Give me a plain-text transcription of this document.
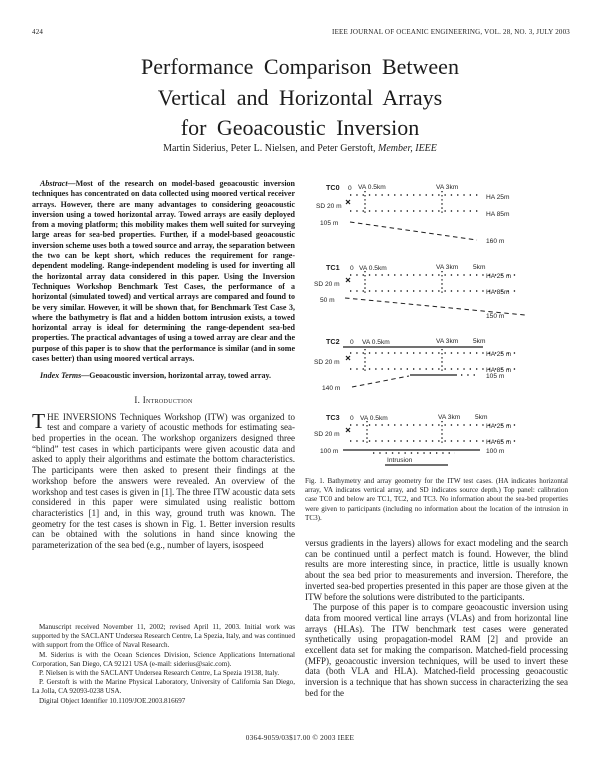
424	IEEE JOURNAL OF OCEANIC ENGINEERING, VOL. 28, NO. 3, JULY 2003
Performance Comparison Between
Vertical and Horizontal Arrays
for Geoacoustic Inversion
Martin Siderius, Peter L. Nielsen, and Peter Gerstoft, Member, IEEE

Abstract—Most of the research on model-based geoacoustic inversion techniques has concentrated on data collected using moored vertical receiver arrays. However, there are many advantages to considering geoacoustic inversion using a towed horizontal array. Towed arrays are easily deployed from a moving platform; this mobility makes them well suited for surveying large areas for sea-bed properties. Further, if a model-based geoacoustic inversion scheme uses both a towed source and array, the separation between the two can be kept short, which reduces the requirement for range-dependent modeling. Range-independent modeling is used for inverting all the horizontal array data considered in this paper. Using the Inversion Techniques Workshop Benchmark Test Cases, the performance of a horizontal (simulated towed) and vertical arrays are compared and found to be very similar. However, it will be shown that, for Benchmark Test Case 3, where the bathymetry is flat and a hidden bottom intrusion exists, a towed horizontal array is ideal for determining the range-dependent sea-bed properties. The practical advantages of using a towed array are clear and the purpose of this paper is to show that the performance is similar (and in some cases better) than using moored vertical arrays.

Index Terms—Geoacoustic inversion, horizontal array, towed array.

I. Introduction

THE INVERSIONS Techniques Workshop (ITW) was organized to test and compare a variety of acoustic methods for estimating sea-bed properties in the ocean. The workshop organizers designed three “blind” test cases in which participants were given acoustic data and asked to apply their algorithms and estimate the bottom characteristics. The participants were then asked to present their findings at the workshop before the answers were revealed. An overview of the workshop and test cases is given in [1]. The three ITW acoustic data sets considered in this paper were simulated using realistic bottom characteristics [1] and, in this way, ground truth was known. The geometry for the test cases is shown in Fig. 1. Better inversion results can be obtained with the solutions in hand since knowing the parameterization of the sea bed (e.g., number of layers, isospeed

Manuscript received November 11, 2002; revised April 11, 2003. Initial work was supported by the SACLANT Undersea Research Centre, La Spezia, Italy, and was continued with support from the Office of Naval Research.

M. Siderius is with the Ocean Sciences Division, Science Applications International Corporation, San Diego, CA 92121 USA (e-mail: siderius@saic.com).

P. Nielsen is with the SACLANT Undersea Research Centre, La Spezia 19138, Italy.

P. Gerstoft is with the Marine Physical Laboratory, University of California San Diego, La Jolla, CA 92093-0238 USA.

Digital Object Identifier 10.1109/JOE.2003.816697

TC0 0 VA 0.5km	VA 3km
HA 25m
HA 85m
SD 20 m
105 m
160 m
TC1 0 VA 0.5km	VA 3km 5km
HA 25 m
HA 85m
SD 20 m
50 m
150 m
TC2 0 VA 0.5km	VA 3km 5km
HA 25 m
HA 85 m
SD 20 m
105 m
140 m
TC3 0 VA 0.5km	VA 3km 5km
HA 25 m
HA 65 m
SD 20 m
100 m	100 m
Intrusion
Fig. 1. Bathymetry and array geometry for the ITW test cases. (HA indicates horizontal array, VA indicates vertical array, and SD indicates source depth.) Top panel: calibration case TC0 and below are TC1, TC2, and TC3. No information about the sea-bed properties were given to participants (including no information about the location of the intrusion in TC3).

versus gradients in the layers) allows for exact modeling and the search can be continued until a perfect match is found. However, the blind results are more interesting since, in practice, little is usually known about the sea bed prior to measurements and inversion. Therefore, the inverted sea-bed properties presented in this paper are those given at the ITW before the solutions were distributed to the participants.

The purpose of this paper is to compare geoacoustic inversion using data from moored vertical line arrays (VLAs) and from horizontal line arrays (HLAs). The ITW benchmark test cases were generated synthetically using propagation-model RAM [2] and provide an excellent data set for making the comparison. Matched-field processing (MFP), geoacoustic inversion techniques, will be used to invert these data (both VLA and HLA). Matched-field processing geoacoustic inversion is a technique that has shown success in characterizing the sea bed for the

0364-9059/03$17.00 © 2003 IEEE
